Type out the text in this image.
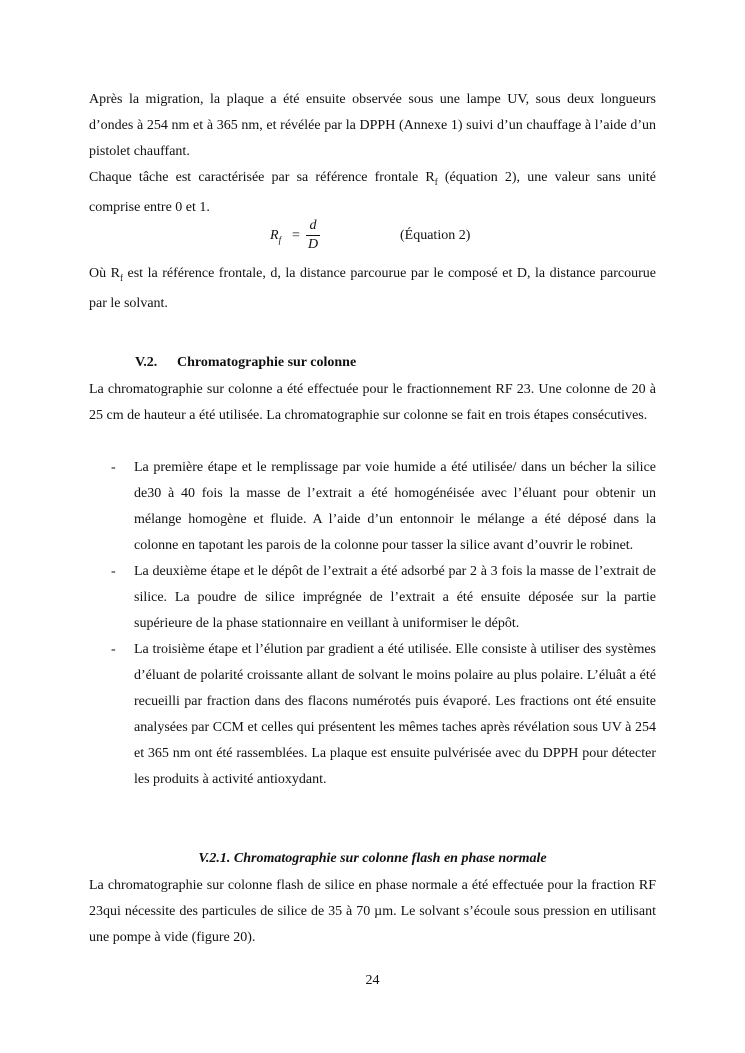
Après la migration, la plaque a été ensuite observée sous une lampe UV, sous deux longueurs d’ondes à 254 nm et à 365 nm, et révélée par la DPPH (Annexe 1) suivi d’un chauffage à l’aide d’un pistolet chauffant.

Chaque tâche est caractérisée par sa référence frontale $R_f$ (équation 2), une valeur sans unité comprise entre 0 et 1.

$R_f$ =
d
D
(Équation 2)

Où $R_f$ est la référence frontale, d, la distance parcourue par le composé et D, la distance parcourue par le solvant.

V.2. Chromatographie sur colonne

La chromatographie sur colonne a été effectuée pour le fractionnement RF 23. Une colonne de 20 à 25 cm de hauteur a été utilisée. La chromatographie sur colonne se fait en trois étapes consécutives.

- La première étape et le remplissage par voie humide a été utilisée/ dans un bécher la silice de30 à 40 fois la masse de l’extrait a été homogénéisée avec l’éluant pour obtenir un mélange homogène et fluide. A l’aide d’un entonnoir le mélange a été déposé dans la colonne en tapotant les parois de la colonne pour tasser la silice avant d’ouvrir le robinet.

- La deuxième étape et le dépôt de l’extrait a été adsorbé par 2 à 3 fois la masse de l’extrait de silice. La poudre de silice imprégnée de l’extrait a été ensuite déposée sur la partie supérieure de la phase stationnaire en veillant à uniformiser le dépôt.

- La troisième étape et l’élution par gradient a été utilisée. Elle consiste à utiliser des systèmes d’éluant de polarité croissante allant de solvant le moins polaire au plus polaire. L’éluât a été recueilli par fraction dans des flacons numérotés puis évaporé. Les fractions ont été ensuite analysées par CCM et celles qui présentent les mêmes taches après révélation sous UV à 254 et 365 nm ont été rassemblées. La plaque est ensuite pulvérisée avec du DPPH pour détecter les produits à activité antioxydant.

V.2.1. Chromatographie sur colonne flash en phase normale

La chromatographie sur colonne flash de silice en phase normale a été effectuée pour la fraction RF 23qui nécessite des particules de silice de 35 à 70 µm. Le solvant s’écoule sous pression en utilisant une pompe à vide (figure 20).

24
